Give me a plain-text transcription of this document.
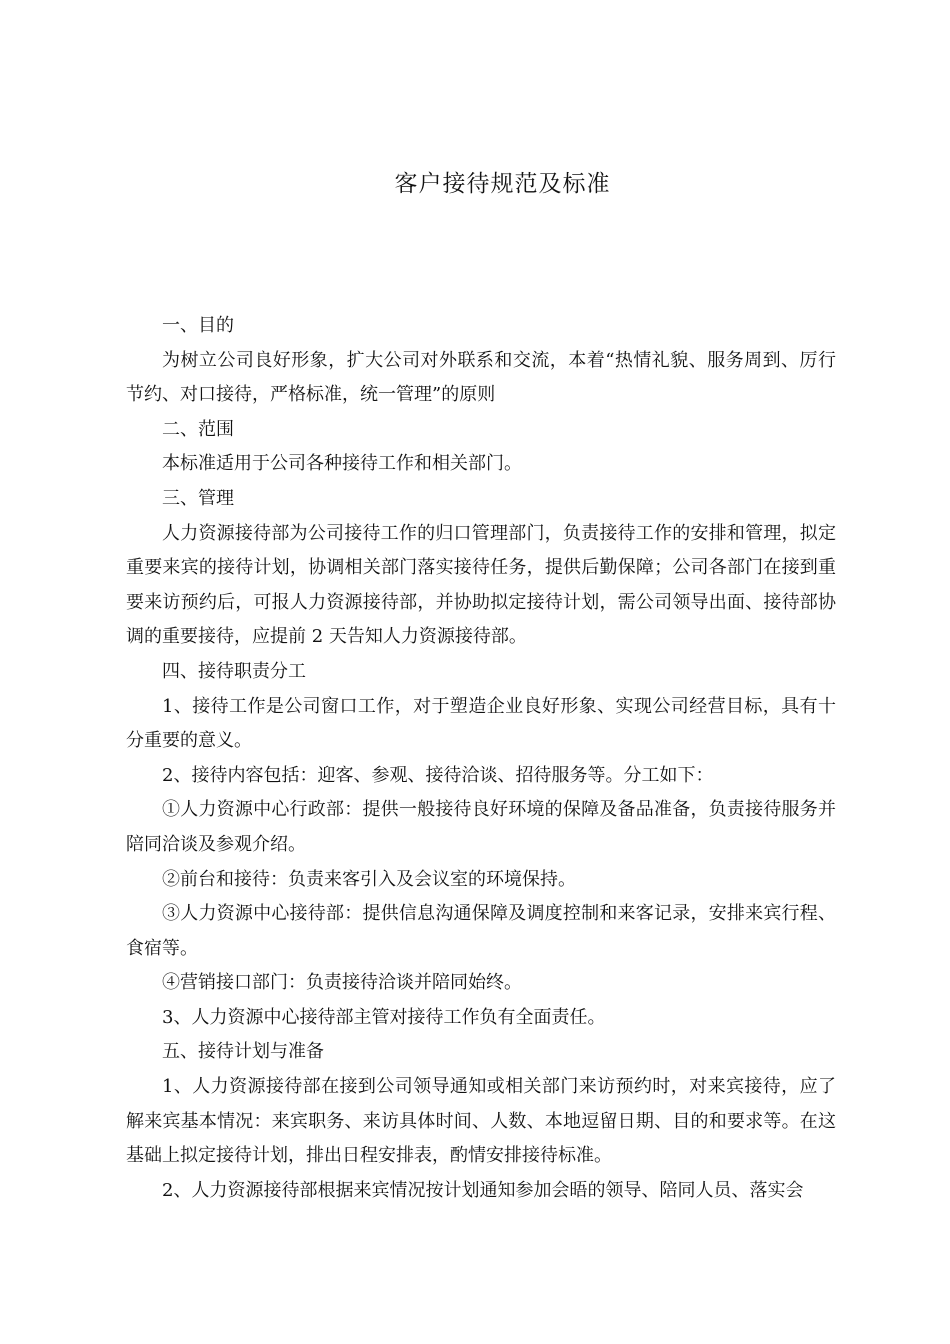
客户接待规范及标准

一、目的

为树立公司良好形象，扩大公司对外联系和交流，本着“热情礼貌、服务周到、厉行节约、对口接待，严格标准，统一管理”的原则

二、范围

本标准适用于公司各种接待工作和相关部门。

三、管理

人力资源接待部为公司接待工作的归口管理部门，负责接待工作的安排和管理，拟定重要来宾的接待计划，协调相关部门落实接待任务，提供后勤保障；公司各部门在接到重要来访预约后，可报人力资源接待部，并协助拟定接待计划，需公司领导出面、接待部协调的重要接待，应提前 2 天告知人力资源接待部。

四、接待职责分工

1、接待工作是公司窗口工作，对于塑造企业良好形象、实现公司经营目标，具有十分重要的意义。

2、接待内容包括：迎客、参观、接待洽谈、招待服务等。分工如下：

①人力资源中心行政部：提供一般接待良好环境的保障及备品准备，负责接待服务并陪同洽谈及参观介绍。

②前台和接待：负责来客引入及会议室的环境保持。

③人力资源中心接待部：提供信息沟通保障及调度控制和来客记录，安排来宾行程、食宿等。

④营销接口部门：负责接待洽谈并陪同始终。

3、人力资源中心接待部主管对接待工作负有全面责任。

五、接待计划与准备

1、人力资源接待部在接到公司领导通知或相关部门来访预约时，对来宾接待，应了解来宾基本情况：来宾职务、来访具体时间、人数、本地逗留日期、目的和要求等。在这基础上拟定接待计划，排出日程安排表，酌情安排接待标准。

2、人力资源接待部根据来宾情况按计划通知参加会晤的领导、陪同人员、落实会
